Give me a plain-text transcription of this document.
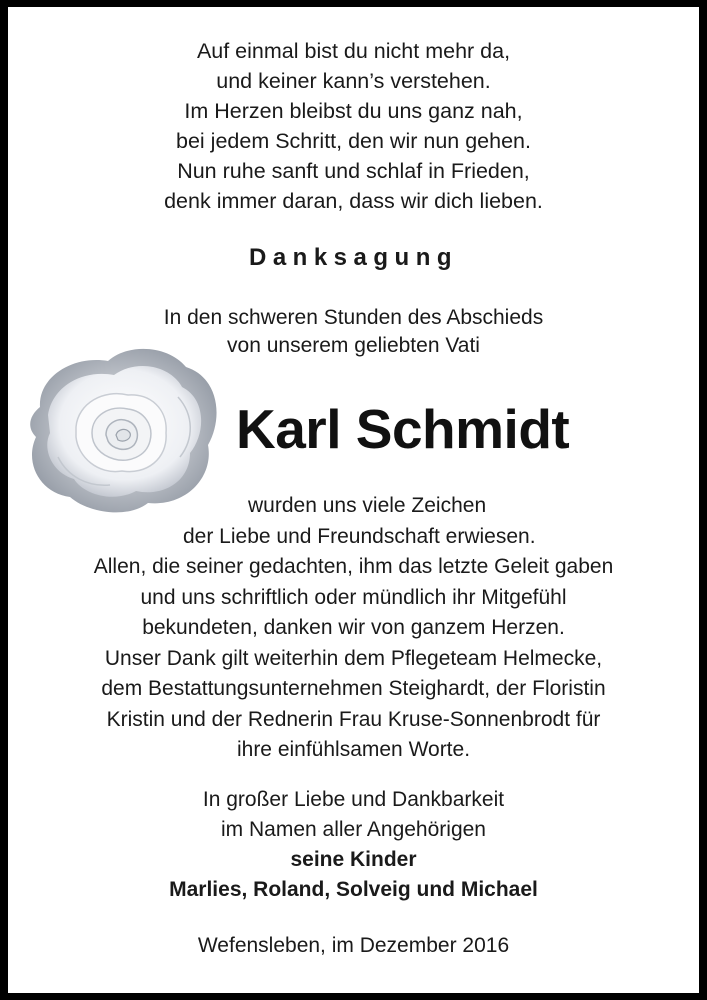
Auf einmal bist du nicht mehr da,
und keiner kann’s verstehen.
Im Herzen bleibst du uns ganz nah,
bei jedem Schritt, den wir nun gehen.
Nun ruhe sanft und schlaf in Frieden,
denk immer daran, dass wir dich lieben.
Danksagung
In den schweren Stunden des Abschieds
von unserem geliebten Vati
Karl Schmidt
wurden uns viele Zeichen
der Liebe und Freundschaft erwiesen.
Allen, die seiner gedachten, ihm das letzte Geleit gaben
und uns schriftlich oder mündlich ihr Mitgefühl
bekundeten, danken wir von ganzem Herzen.
Unser Dank gilt weiterhin dem Pflegeteam Helmecke,
dem Bestattungsunternehmen Steighardt, der Floristin
Kristin und der Rednerin Frau Kruse-Sonnenbrodt für
ihre einfühlsamen Worte.
In großer Liebe und Dankbarkeit
im Namen aller Angehörigen
seine Kinder
Marlies, Roland, Solveig und Michael
Wefensleben, im Dezember 2016
